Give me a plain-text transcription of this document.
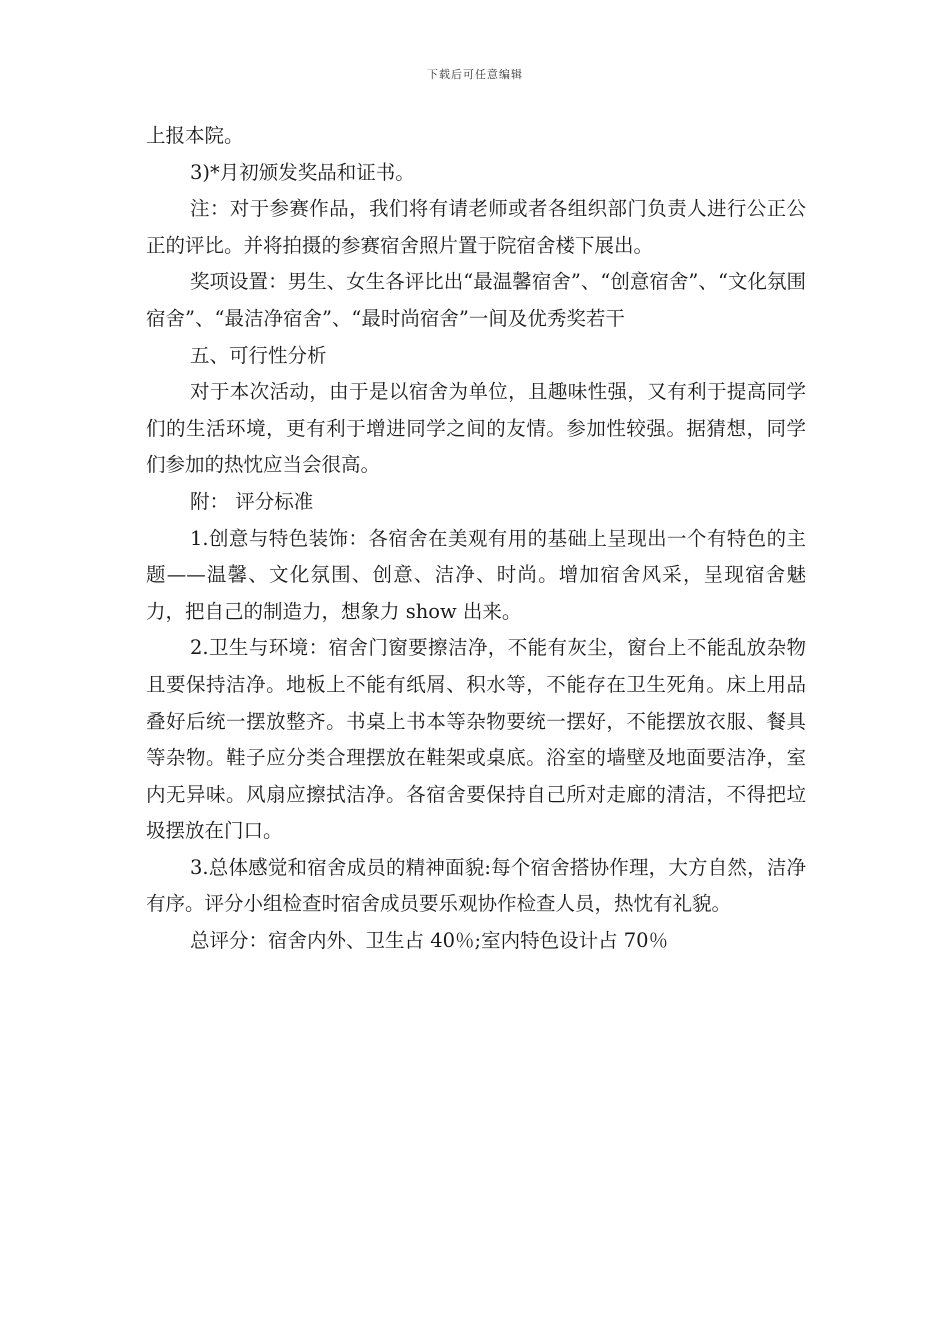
下载后可任意编辑

上报本院。

3)*月初颁发奖品和证书。

注：对于参赛作品，我们将有请老师或者各组织部门负责人进行公正公正的评比。并将拍摄的参赛宿舍照片置于院宿舍楼下展出。

奖项设置：男生、女生各评比出“最温馨宿舍”、“创意宿舍”、“文化氛围宿舍”、“最洁净宿舍”、“最时尚宿舍”一间及优秀奖若干

五、可行性分析

对于本次活动，由于是以宿舍为单位，且趣味性强，又有利于提高同学们的生活环境，更有利于增进同学之间的友情。参加性较强。据猜想，同学们参加的热忱应当会很高。

附： 评分标准

1.创意与特色装饰：各宿舍在美观有用的基础上呈现出一个有特色的主题——温馨、文化氛围、创意、洁净、时尚。增加宿舍风采，呈现宿舍魅力，把自己的制造力，想象力 show 出来。

2.卫生与环境：宿舍门窗要擦洁净，不能有灰尘，窗台上不能乱放杂物且要保持洁净。地板上不能有纸屑、积水等，不能存在卫生死角。床上用品叠好后统一摆放整齐。书桌上书本等杂物要统一摆好，不能摆放衣服、餐具等杂物。鞋子应分类合理摆放在鞋架或桌底。浴室的墙壁及地面要洁净，室内无异味。风扇应擦拭洁净。各宿舍要保持自己所对走廊的清洁，不得把垃圾摆放在门口。

3.总体感觉和宿舍成员的精神面貌:每个宿舍搭协作理，大方自然，洁净有序。评分小组检查时宿舍成员要乐观协作检查人员，热忱有礼貌。

总评分：宿舍内外、卫生占 40％;室内特色设计占 70％
